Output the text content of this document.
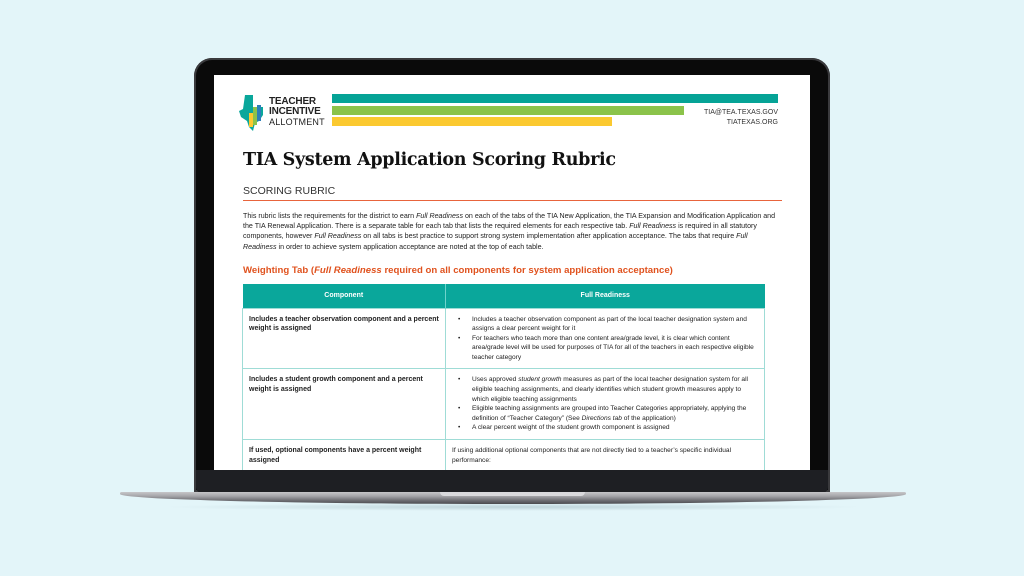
TEACHER
INCENTIVE
ALLOTMENT
TIA@TEA.TEXAS.GOV
TIATEXAS.ORG
TIA System Application Scoring Rubric
SCORING RUBRIC

This rubric lists the requirements for the district to earn Full Readiness on each of the tabs of the TIA New Application, the TIA Expansion and Modification Application and the TIA Renewal Application. There is a separate table for each tab that lists the required elements for each respective tab. Full Readiness is required in all statutory components, however Full Readiness on all tabs is best practice to support strong system implementation after application acceptance. The tabs that require Full Readiness in order to achieve system application acceptance are noted at the top of each table.

Weighting Tab (Full Readiness required on all components for system application acceptance)
Component	Full Readiness
Includes a teacher observation component and a percent weight is assigned	
• Includes a teacher observation component as part of the local teacher designation system and assigns a clear percent weight for it
• For teachers who teach more than one content area/grade level, it is clear which content area/grade level will be used for purposes of TIA for all of the teachers in each respective eligible teacher category

Includes a student growth component and a percent weight is assigned	
• Uses approved student growth measures as part of the local teacher designation system for all eligible teaching assignments, and clearly identifies which student growth measures apply to which eligible teaching assignments
• Eligible teaching assignments are grouped into Teacher Categories appropriately, applying the definition of “Teacher Category” (See Directions tab of the application)
• A clear percent weight of the student growth component is assigned

If used, optional components have a percent weight assigned	If using additional optional components that are not directly tied to a teacher’s specific individual performance:
